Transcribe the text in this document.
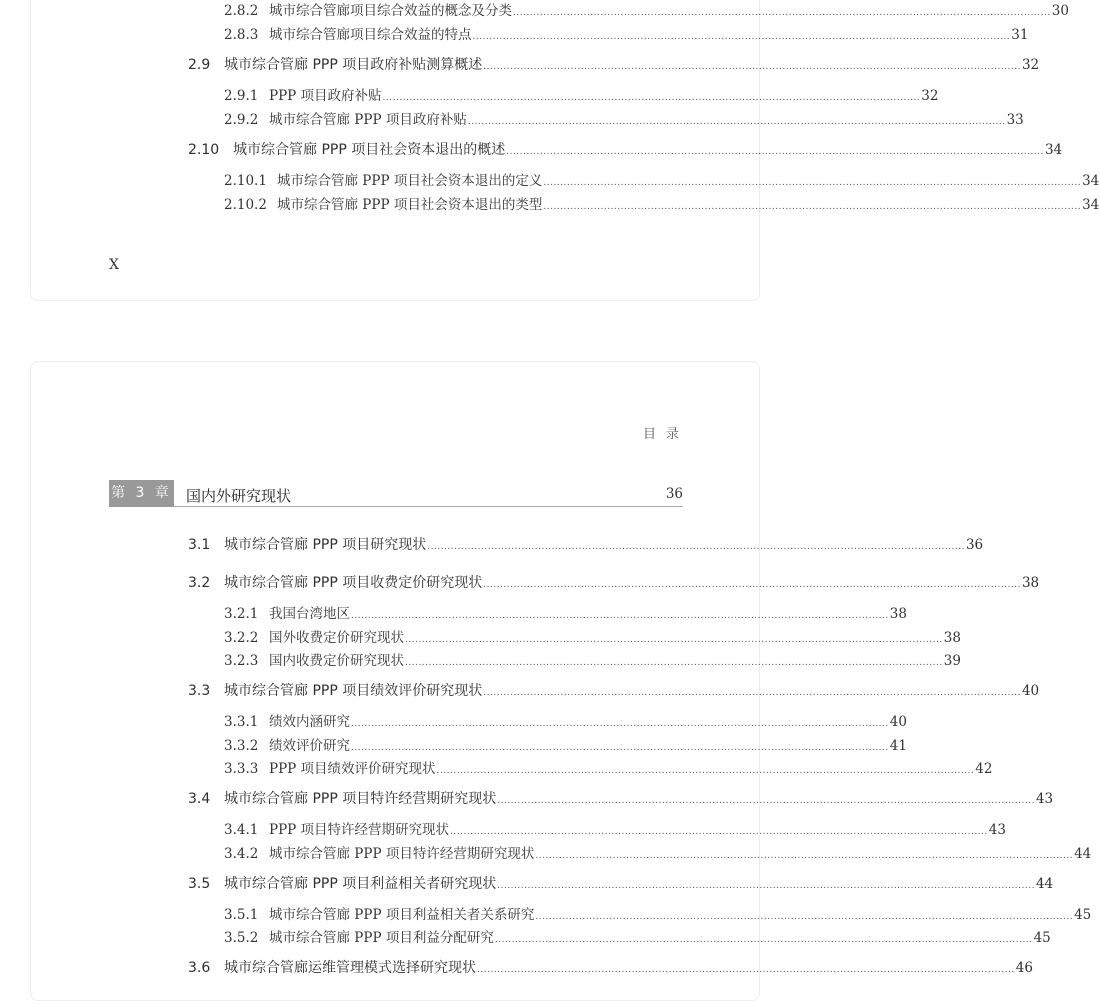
2.8.2 城市综合管廊项目综合效益的概念及分类 ................................................................................................................................................................ 30
2.8.3 城市综合管廊项目综合效益的特点 ................................................................................................................................................................ 31
2.9 城市综合管廊 PPP 项目政府补贴测算概述 ................................................................................................................................................................ 32
2.9.1 PPP 项目政府补贴 ................................................................................................................................................................ 32
2.9.2 城市综合管廊 PPP 项目政府补贴 ................................................................................................................................................................ 33
2.10 城市综合管廊 PPP 项目社会资本退出的概述 ................................................................................................................................................................ 34
2.10.1 城市综合管廊 PPP 项目社会资本退出的定义 ................................................................................................................................................................ 34
2.10.2 城市综合管廊 PPP 项目社会资本退出的类型 ................................................................................................................................................................ 34
X
目录
第 3 章 国内外研究现状	36
3.1 城市综合管廊 PPP 项目研究现状 ................................................................................................................................................................ 36
3.2 城市综合管廊 PPP 项目收费定价研究现状 ................................................................................................................................................................ 38
3.2.1 我国台湾地区 ................................................................................................................................................................ 38
3.2.2 国外收费定价研究现状 ................................................................................................................................................................ 38
3.2.3 国内收费定价研究现状 ................................................................................................................................................................ 39
3.3 城市综合管廊 PPP 项目绩效评价研究现状 ................................................................................................................................................................ 40
3.3.1 绩效内涵研究 ................................................................................................................................................................ 40
3.3.2 绩效评价研究 ................................................................................................................................................................ 41
3.3.3 PPP 项目绩效评价研究现状 ................................................................................................................................................................ 42
3.4 城市综合管廊 PPP 项目特许经营期研究现状 ................................................................................................................................................................ 43
3.4.1 PPP 项目特许经营期研究现状 ................................................................................................................................................................ 43
3.4.2 城市综合管廊 PPP 项目特许经营期研究现状 ................................................................................................................................................................ 44
3.5 城市综合管廊 PPP 项目利益相关者研究现状 ................................................................................................................................................................ 44
3.5.1 城市综合管廊 PPP 项目利益相关者关系研究 ................................................................................................................................................................ 45
3.5.2 城市综合管廊 PPP 项目利益分配研究 ................................................................................................................................................................ 45
3.6 城市综合管廊运维管理模式选择研究现状 ................................................................................................................................................................ 46
